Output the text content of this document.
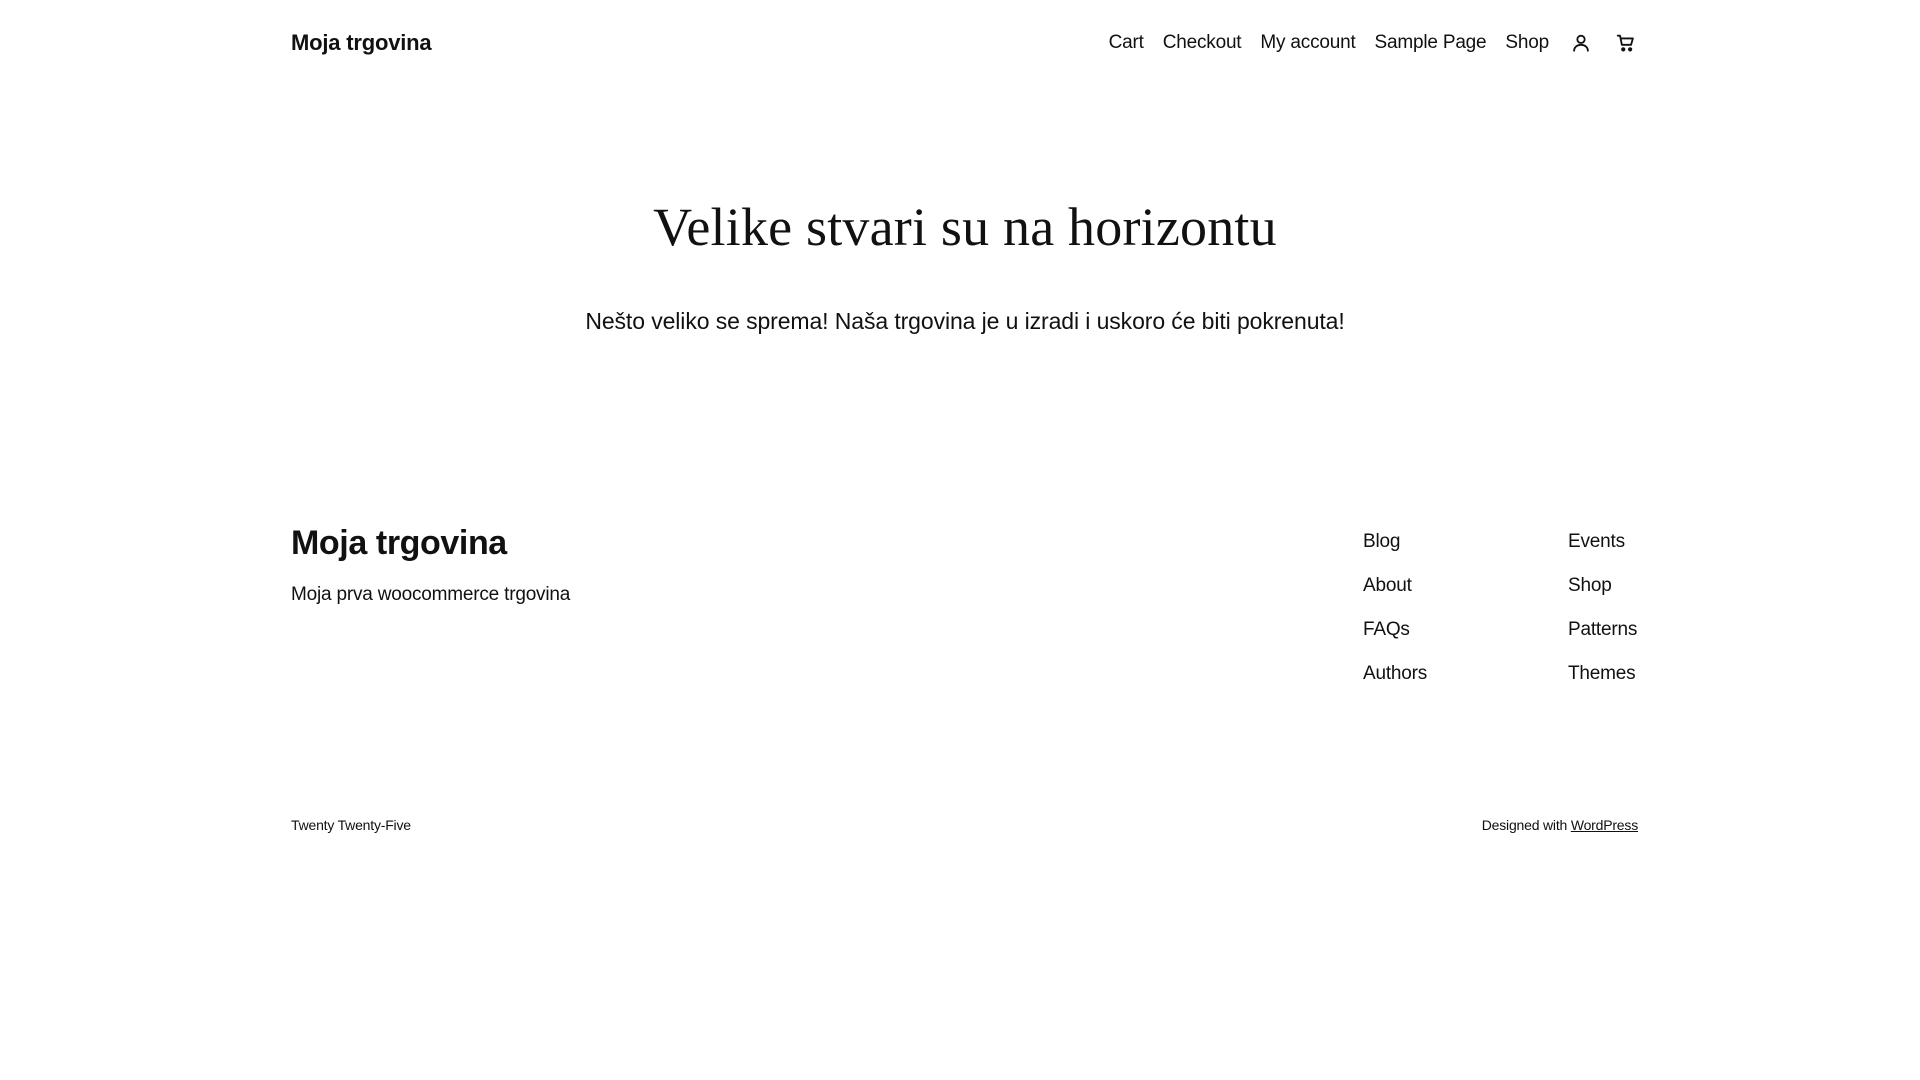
Moja trgovina	Cart Checkout My account Sample Page Shop
Velike stvari su na horizontu

Nešto veliko se sprema! Naša trgovina je u izradi i uskoro će biti pokrenuta!

Moja trgovina

Moja prva woocommerce trgovina

Blog
About
FAQs
Authors
Events
Shop
Patterns
Themes
Twenty Twenty-Five	Designed with WordPress
